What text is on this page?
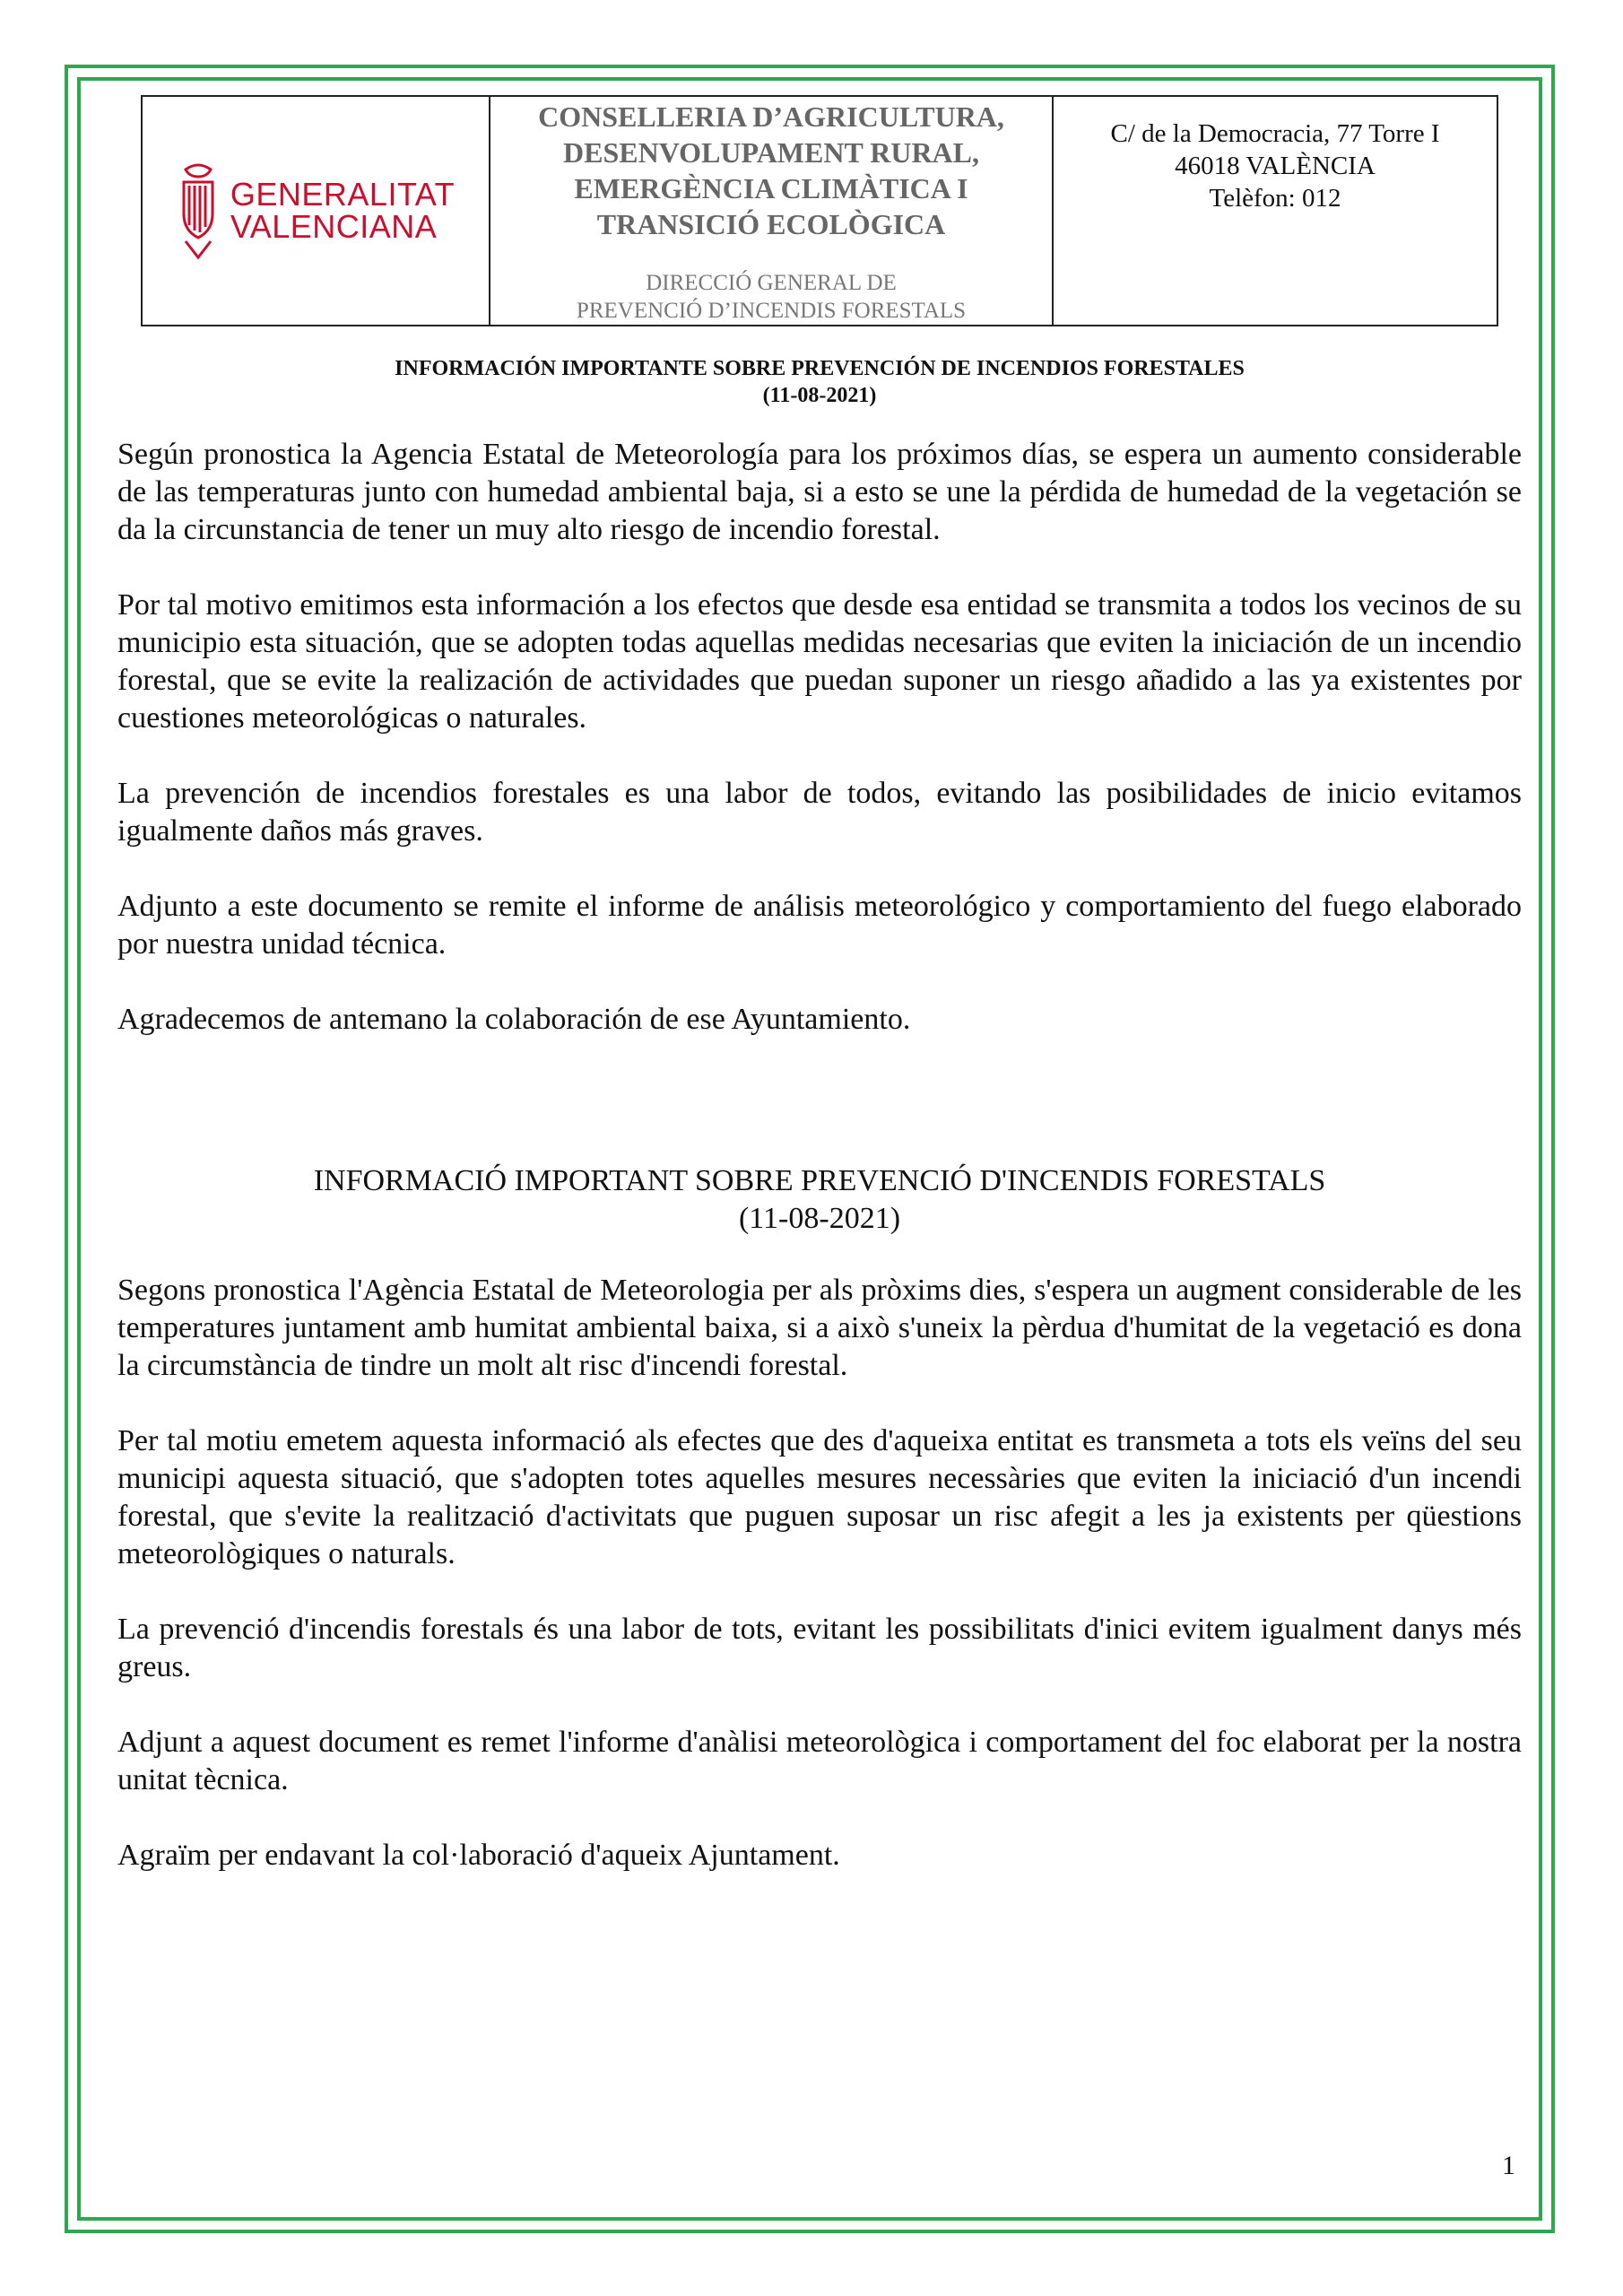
GENERALITAT
VALENCIANA
CONSELLERIA D’AGRICULTURA,
DESENVOLUPAMENT RURAL,
EMERGÈNCIA CLIMÀTICA I
TRANSICIÓ ECOLÒGICA
DIRECCIÓ GENERAL DE
PREVENCIÓ D’INCENDIS FORESTALS
C/ de la Democracia, 77 Torre I
46018 VALÈNCIA
Telèfon: 012
INFORMACIÓN IMPORTANTE SOBRE PREVENCIÓN DE INCENDIOS FORESTALES
(11-08-2021)

Según pronostica la Agencia Estatal de Meteorología para los próximos días, se espera un aumento considerable de las temperaturas junto con humedad ambiental baja, si a esto se une la pérdida de humedad de la vegetación se da la circunstancia de tener un muy alto riesgo de incendio forestal.

Por tal motivo emitimos esta información a los efectos que desde esa entidad se transmita a todos los vecinos de su municipio esta situación, que se adopten todas aquellas medidas necesarias que eviten la iniciación de un incendio forestal, que se evite la realización de actividades que puedan suponer un riesgo añadido a las ya existentes por cuestiones meteorológicas o naturales.

La prevención de incendios forestales es una labor de todos, evitando las posibilidades de inicio evitamos igualmente daños más graves.

Adjunto a este documento se remite el informe de análisis meteorológico y comportamiento del fuego elaborado por nuestra unidad técnica.

Agradecemos de antemano la colaboración de ese Ayuntamiento.

INFORMACIÓ IMPORTANT SOBRE PREVENCIÓ D'INCENDIS FORESTALS
(11-08-2021)

Segons pronostica l'Agència Estatal de Meteorologia per als pròxims dies, s'espera un augment considerable de les temperatures juntament amb humitat ambiental baixa, si a això s'uneix la pèrdua d'humitat de la vegetació es dona la circumstància de tindre un molt alt risc d'incendi forestal.

Per tal motiu emetem aquesta informació als efectes que des d'aqueixa entitat es transmeta a tots els veïns del seu municipi aquesta situació, que s'adopten totes aquelles mesures necessàries que eviten la iniciació d'un incendi forestal, que s'evite la realització d'activitats que puguen suposar un risc afegit a les ja existents per qüestions meteorològiques o naturals.

La prevenció d'incendis forestals és una labor de tots, evitant les possibilitats d'inici evitem igualment danys més greus.

Adjunt a aquest document es remet l'informe d'anàlisi meteorològica i comportament del foc elaborat per la nostra unitat tècnica.

Agraïm per endavant la col·laboració d'aqueix Ajuntament.

1
